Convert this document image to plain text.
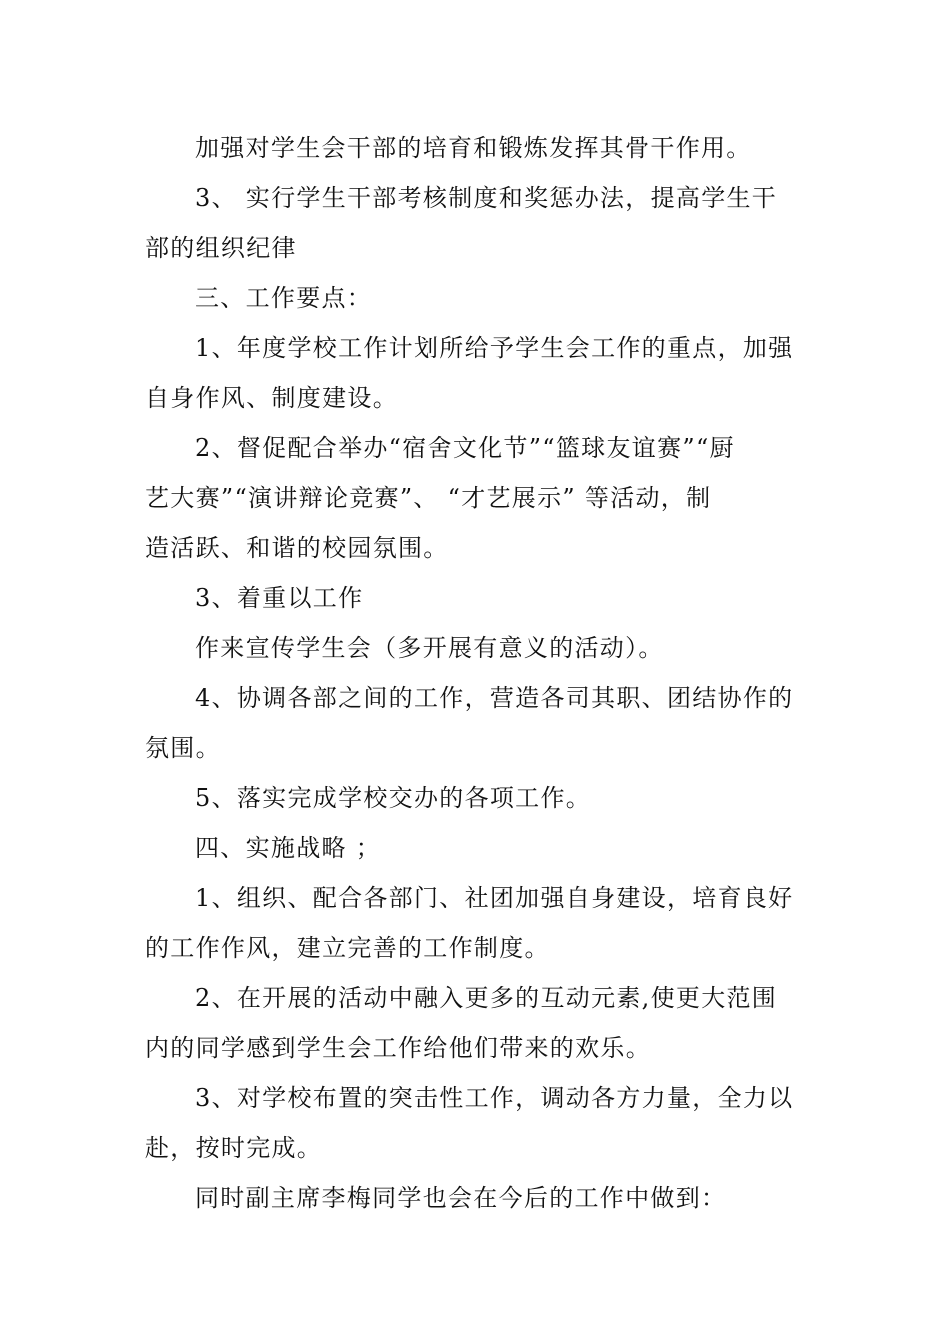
加强对学生会干部的培育和锻炼发挥其骨干作用。
3、 实行学生干部考核制度和奖惩办法，提高学生干
部的组织纪律
三、工作要点：
1、年度学校工作计划所给予学生会工作的重点，加强
自身作风、制度建设。
2、督促配合举办“宿舍文化节”“篮球友谊赛”“厨
艺大赛”“演讲辩论竞赛”、 “才艺展示” 等活动，制
造活跃、和谐的校园氛围。
3、着重以工作
作来宣传学生会（多开展有意义的活动）。
4、协调各部之间的工作，营造各司其职、团结协作的
氛围。
5、落实完成学校交办的各项工作。
四、实施战略 ；
1、组织、配合各部门、社团加强自身建设，培育良好
的工作作风，建立完善的工作制度。
2、在开展的活动中融入更多的互动元素,使更大范围
内的同学感到学生会工作给他们带来的欢乐。
3、对学校布置的突击性工作，调动各方力量，全力以
赴，按时完成。
同时副主席李梅同学也会在今后的工作中做到：
